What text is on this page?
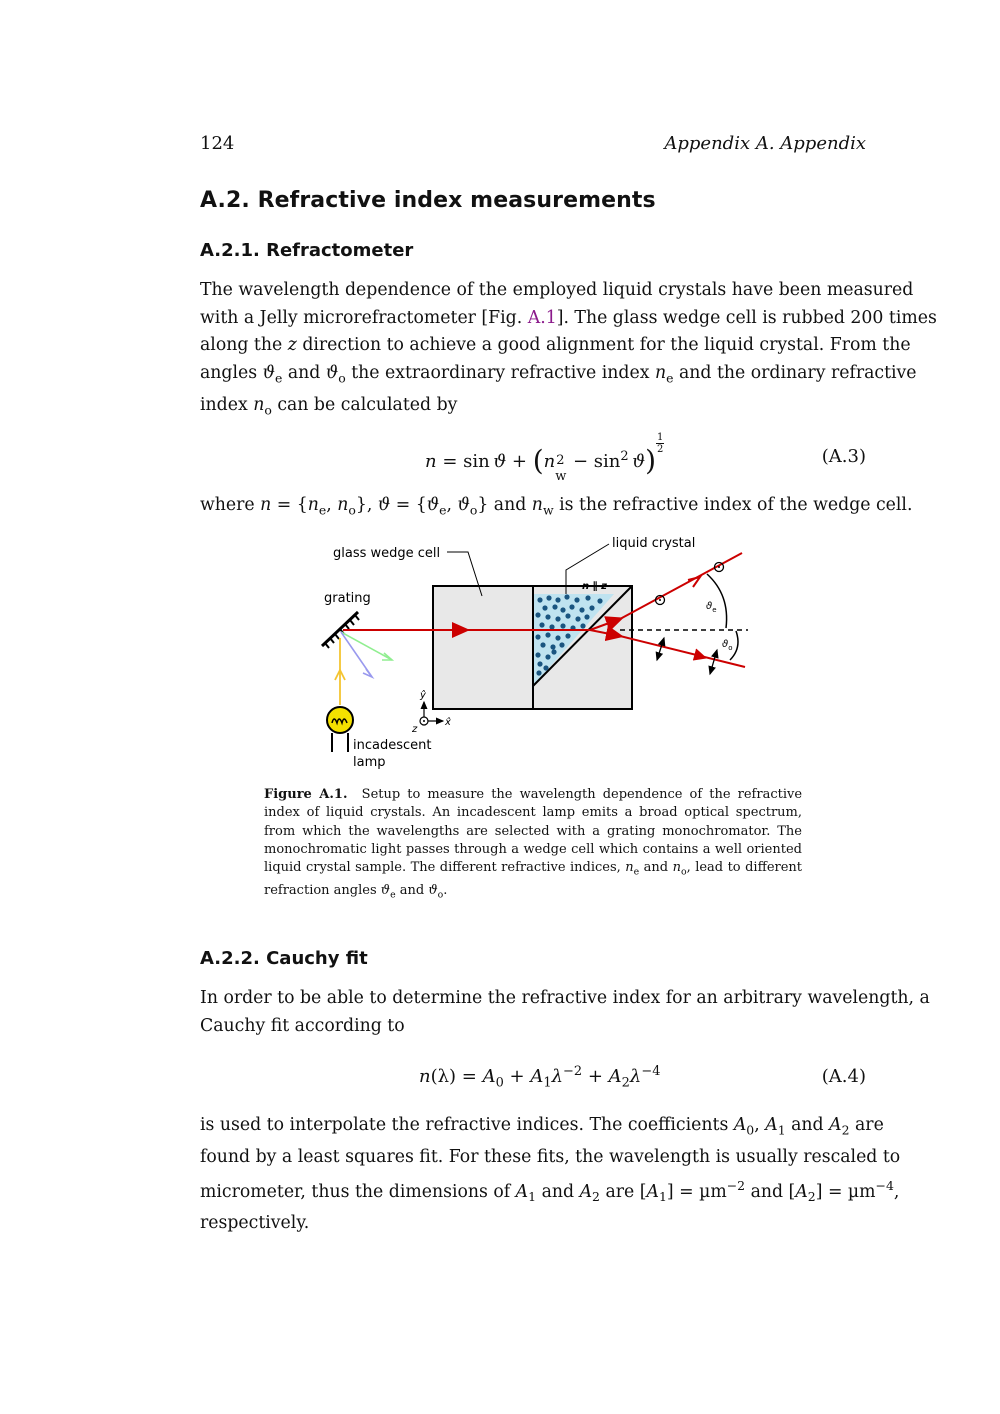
124	Appendix A. Appendix
A.2. Refractive index measurements
A.2.1. Refractometer
The wavelength dependence of the employed liquid crystals have been measured
with a Jelly microrefractometer [Fig. A.1]. The glass wedge cell is rubbed 200 times
along the z direction to achieve a good alignment for the liquid crystal. From the
angles $ϑ_e$ and $ϑ_o$ the extraordinary refractive index $n_e$ and the ordinary refractive
index $n_o$ can be calculated by
n = sin ϑ + (n 2
w
− $\sin^2 ϑ$)
$\frac{1}{2}$
(A.3)
where $n = \{n_e$, $n_o$}, $ϑ = \{ϑ_e$, $ϑ_o$} and $n_w$ is the refractive index of the wedge cell.
glass wedge cell
liquid crystal
grating
n ∥ z
$ϑ_e$
$ϑ_o$
ŷ
x̂
z
incadescent
lamp
Figure A.1. Setup to measure the wavelength dependence of the refractive
index of liquid crystals. An incadescent lamp emits a broad optical spectrum,
from which the wavelengths are selected with a grating monochromator. The
monochromatic light passes through a wedge cell which contains a well oriented
liquid crystal sample. The different refractive indices, $n_e$ and $n_o$, lead to different
refraction angles $ϑ_e$ and $ϑ_o$.
A.2.2. Cauchy fit
In order to be able to determine the refractive index for an arbitrary wavelength, a
Cauchy fit according to
$n(\lambda) = A_0 + A_1\lambda^{-2} + A_2\lambda^{-4}$	(A.4)
is used to interpolate the refractive indices. The coefficients $A_0$, $A_1$ and $A_2$ are
found by a least squares fit. For these fits, the wavelength is usually rescaled to
micrometer, thus the dimensions of $A_1$ and $A_2$ are $[A_1] = \mu m^{-2}$ and $[A_2] = \mu m^{-4}$,
respectively.
